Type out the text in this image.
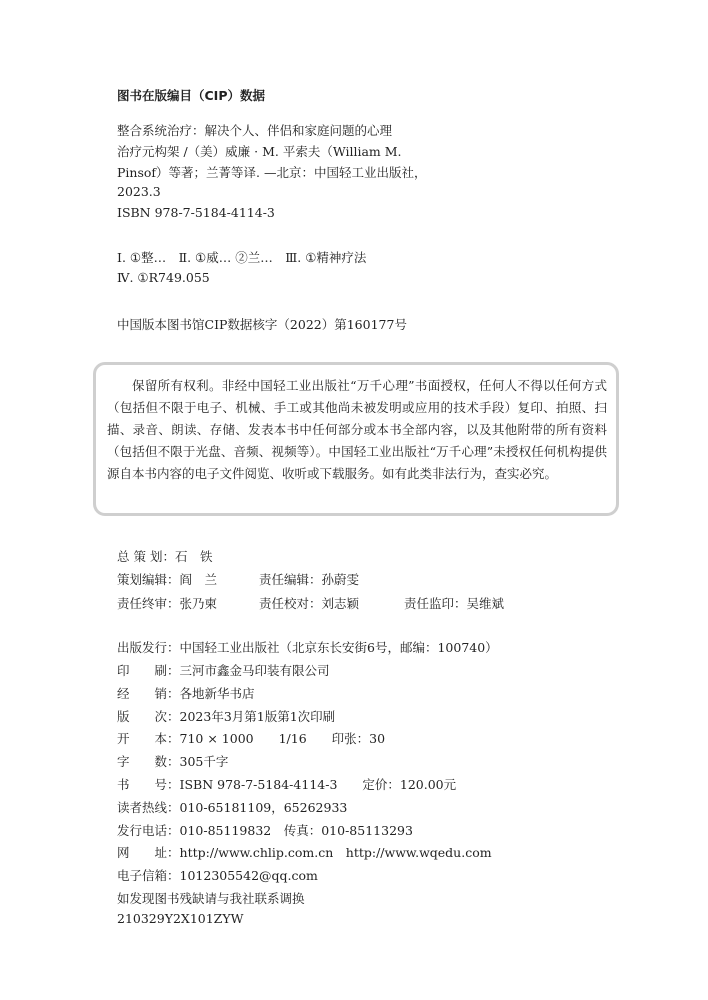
图书在版编目（CIP）数据
整合系统治疗：解决个人、伴侣和家庭问题的心理
治疗元构架 /（美）威廉 · M. 平索夫（William M.
Pinsof）等著；兰菁等译. —北京：中国轻工业出版社，
2023.3
ISBN 978-7-5184-4114-3
Ⅰ. ①整…　Ⅱ. ①威… ②兰…　Ⅲ. ①精神疗法
Ⅳ. ①R749.055
中国版本图书馆CIP数据核字（2022）第160177号

保留所有权利。非经中国轻工业出版社“万千心理”书面授权，任何人不得以任何方式（包括但不限于电子、机械、手工或其他尚未被发明或应用的技术手段）复印、拍照、扫描、录音、朗读、存储、发表本书中任何部分或本书全部内容，以及其他附带的所有资料（包括但不限于光盘、音频、视频等）。中国轻工业出版社“万千心理”未授权任何机构提供源自本书内容的电子文件阅览、收听或下载服务。如有此类非法行为，查实必究。

总 策 划：石　铁
策划编辑：阎　兰	责任编辑：孙蔚雯
责任终审：张乃柬	责任校对：刘志颖	责任监印：吴维斌
出版发行：中国轻工业出版社（北京东长安街6号，邮编：100740）
印　　刷：三河市鑫金马印装有限公司
经　　销：各地新华书店
版　　次：2023年3月第1版第1次印刷
开　　本：710 × 1000　　1/16　　印张：30
字　　数：305千字
书　　号：ISBN 978-7-5184-4114-3　　定价：120.00元
读者热线：010-65181109，65262933
发行电话：010-85119832　传真：010-85113293
网　　址：http://www.chlip.com.cn　http://www.wqedu.com
电子信箱：1012305542@qq.com
如发现图书残缺请与我社联系调换
210329Y2X101ZYW
